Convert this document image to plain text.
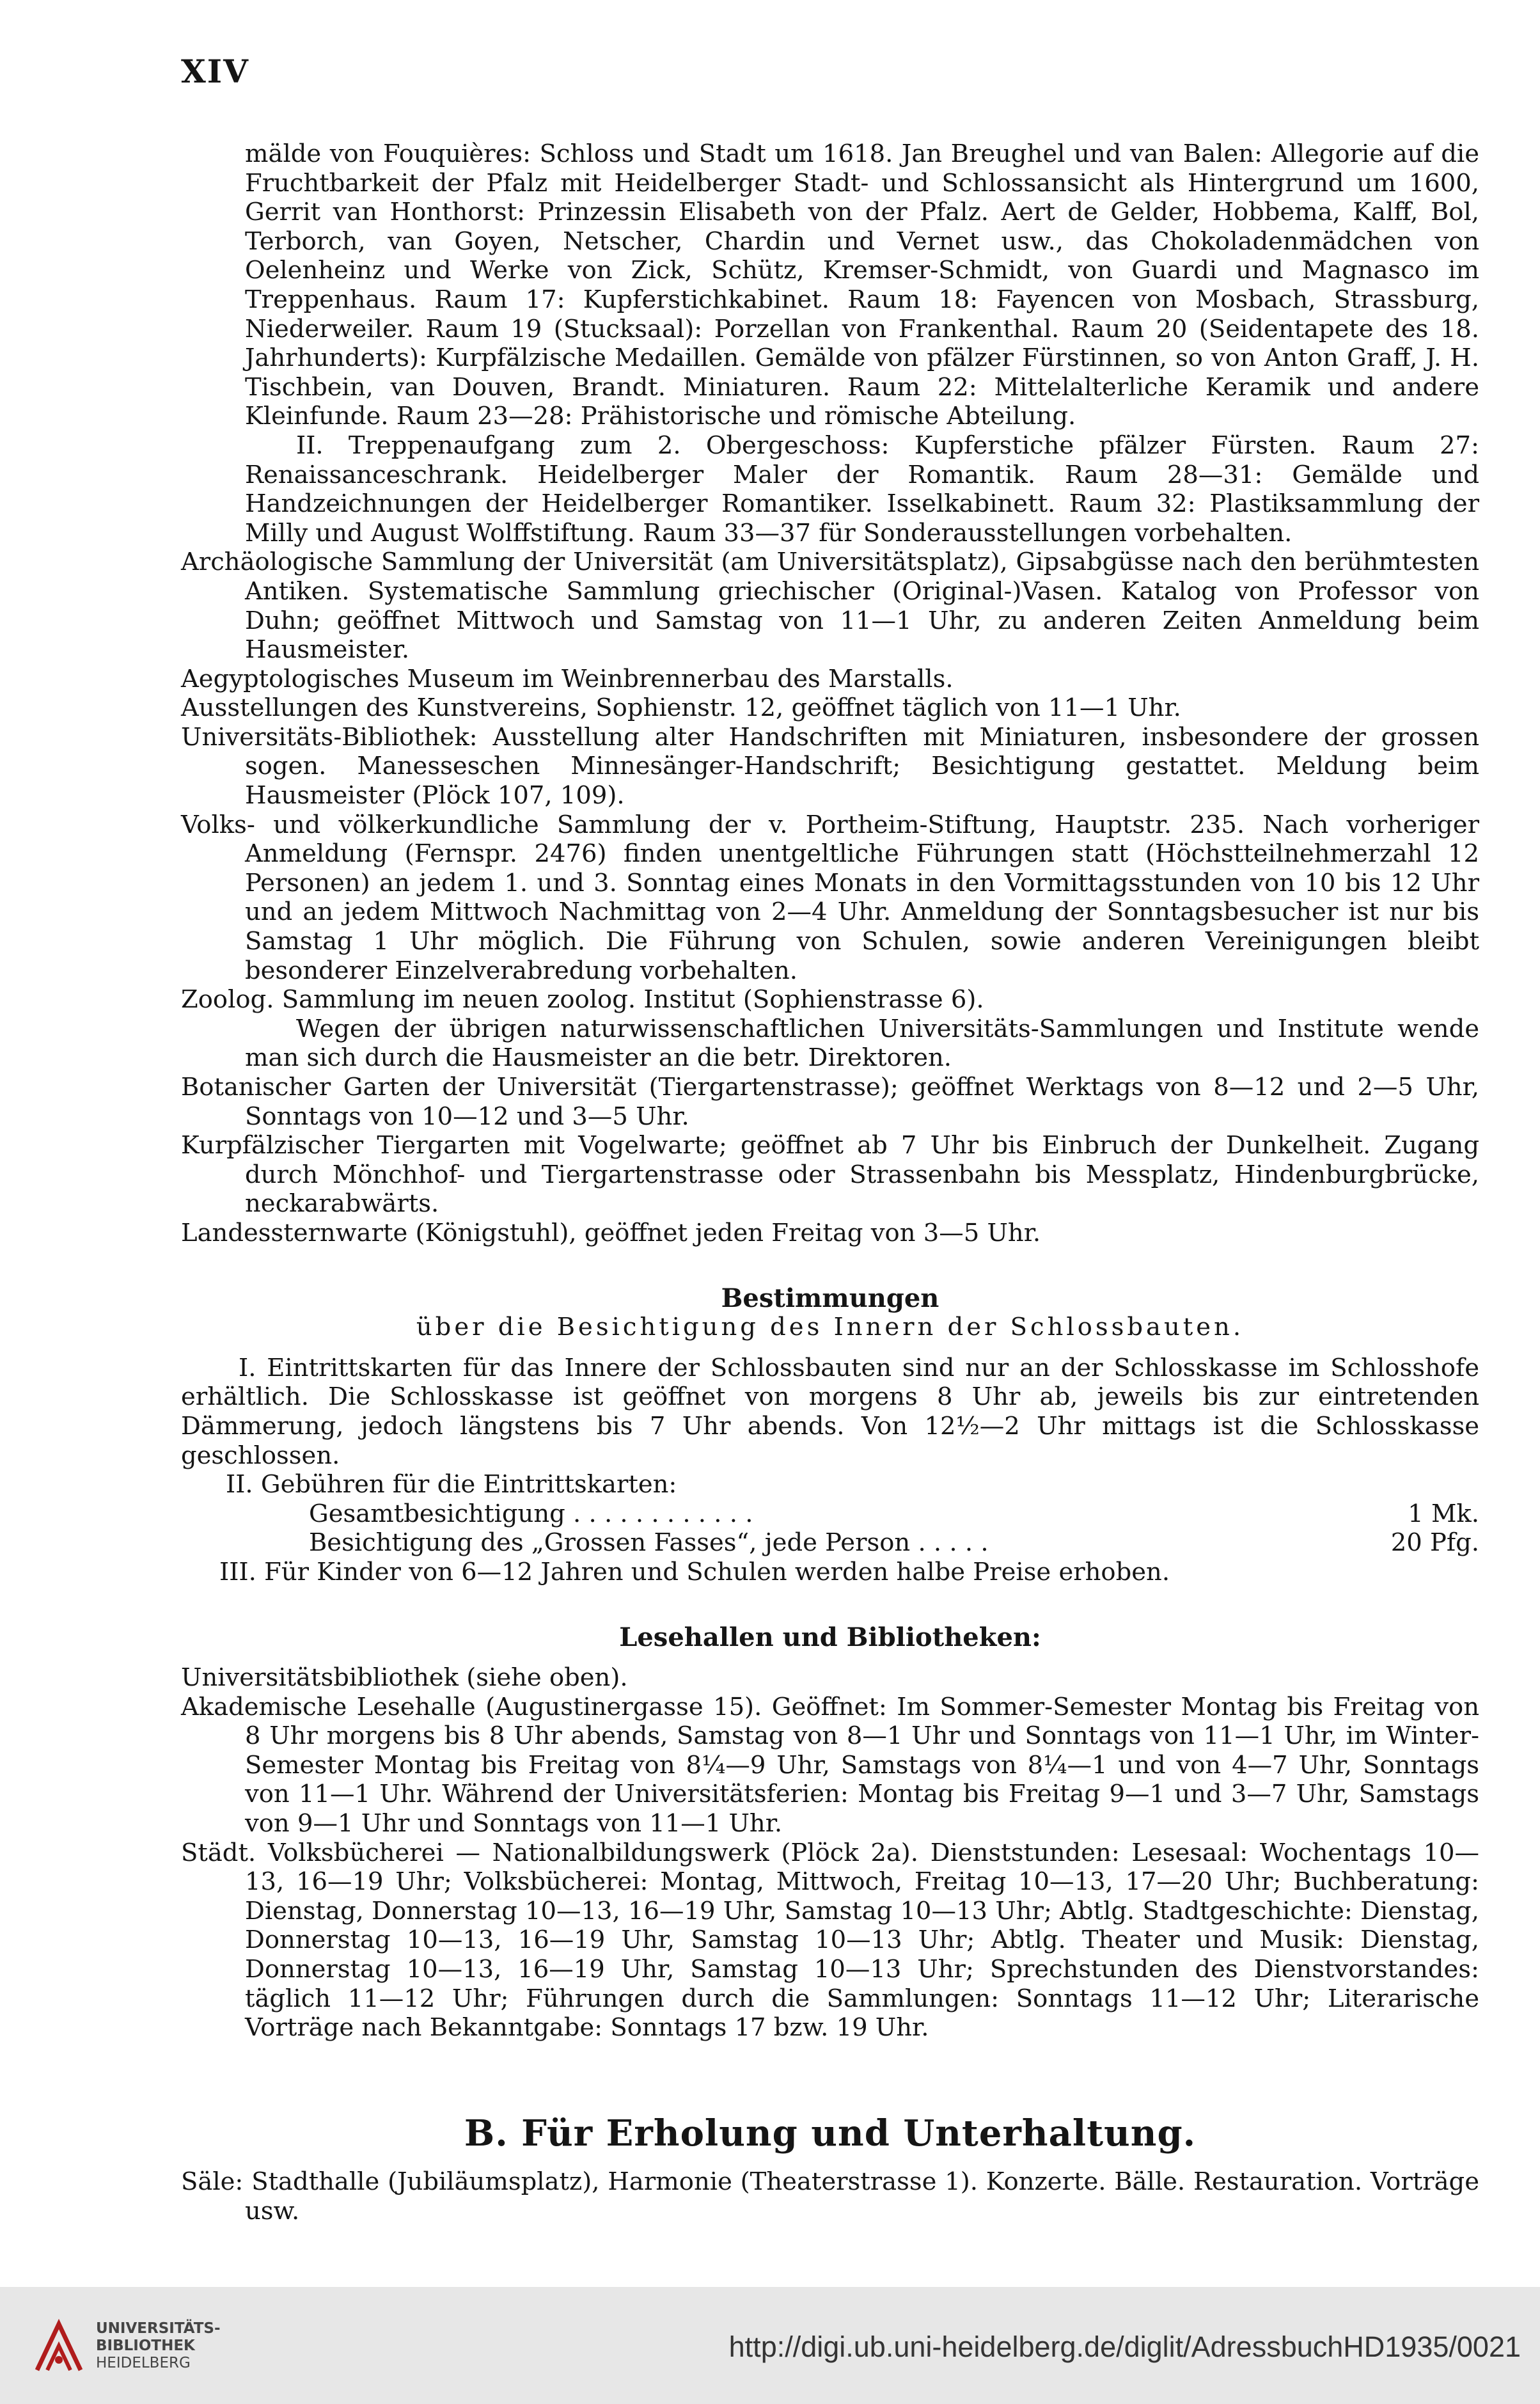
XIV

mälde von Fouquières: Schloss und Stadt um 1618. Jan Breughel und van Balen: Allegorie auf die Fruchtbarkeit der Pfalz mit Heidelberger Stadt- und Schlossansicht als Hintergrund um 1600, Gerrit van Honthorst: Prinzessin Elisabeth von der Pfalz. Aert de Gelder, Hobbema, Kalff, Bol, Terborch, van Goyen, Netscher, Chardin und Vernet usw., das Chokoladenmädchen von Oelenheinz und Werke von Zick, Schütz, Kremser-Schmidt, von Guardi und Magnasco im Treppenhaus. Raum 17: Kupferstichkabinet. Raum 18: Fayencen von Mosbach, Strassburg, Niederweiler. Raum 19 (Stucksaal): Porzellan von Frankenthal. Raum 20 (Seidentapete des 18. Jahrhunderts): Kurpfälzische Medaillen. Gemälde von pfälzer Fürstinnen, so von Anton Graff, J. H. Tischbein, van Douven, Brandt. Miniaturen. Raum 22: Mittelalterliche Keramik und andere Kleinfunde. Raum 23—28: Prähistorische und römische Abteilung.

II. Treppenaufgang zum 2. Obergeschoss: Kupferstiche pfälzer Fürsten. Raum 27: Renaissanceschrank. Heidelberger Maler der Romantik. Raum 28—31: Gemälde und Handzeichnungen der Heidelberger Romantiker. Isselkabinett. Raum 32: Plastiksammlung der Milly und August Wolffstiftung. Raum 33—37 für Sonderausstellungen vorbehalten.

Archäologische Sammlung der Universität (am Universitätsplatz), Gipsabgüsse nach den berühmtesten Antiken. Systematische Sammlung griechischer (Original-)Vasen. Katalog von Professor von Duhn; geöffnet Mittwoch und Samstag von 11—1 Uhr, zu anderen Zeiten Anmeldung beim Hausmeister.

Aegyptologisches Museum im Weinbrennerbau des Marstalls.

Ausstellungen des Kunstvereins, Sophienstr. 12, geöffnet täglich von 11—1 Uhr.

Universitäts-Bibliothek: Ausstellung alter Handschriften mit Miniaturen, insbesondere der grossen sogen. Manesseschen Minnesänger-Handschrift; Besichtigung gestattet. Meldung beim Hausmeister (Plöck 107, 109).

Volks- und völkerkundliche Sammlung der v. Portheim-Stiftung, Hauptstr. 235. Nach vorheriger Anmeldung (Fernspr. 2476) finden unentgeltliche Führungen statt (Höchstteilnehmerzahl 12 Personen) an jedem 1. und 3. Sonntag eines Monats in den Vormittagsstunden von 10 bis 12 Uhr und an jedem Mittwoch Nachmittag von 2—4 Uhr. Anmeldung der Sonntagsbesucher ist nur bis Samstag 1 Uhr möglich. Die Führung von Schulen, sowie anderen Vereinigungen bleibt besonderer Einzelverabredung vorbehalten.

Zoolog. Sammlung im neuen zoolog. Institut (Sophienstrasse 6).

Wegen der übrigen naturwissenschaftlichen Universitäts-Sammlungen und Institute wende man sich durch die Hausmeister an die betr. Direktoren.

Botanischer Garten der Universität (Tiergartenstrasse); geöffnet Werktags von 8—12 und 2—5 Uhr, Sonntags von 10—12 und 3—5 Uhr.

Kurpfälzischer Tiergarten mit Vogelwarte; geöffnet ab 7 Uhr bis Einbruch der Dunkelheit. Zugang durch Mönchhof- und Tiergartenstrasse oder Strassenbahn bis Messplatz, Hindenburgbrücke, neckarabwärts.

Landessternwarte (Königstuhl), geöffnet jeden Freitag von 3—5 Uhr.

Bestimmungen
über die Besichtigung des Innern der Schlossbauten.

I. Eintrittskarten für das Innere der Schlossbauten sind nur an der Schlosskasse im Schlosshofe erhältlich. Die Schlosskasse ist geöffnet von morgens 8 Uhr ab, jeweils bis zur eintretenden Dämmerung, jedoch längstens bis 7 Uhr abends. Von 12½—2 Uhr mittags ist die Schlosskasse geschlossen.

II. Gebühren für die Eintrittskarten:

Gesamtbesichtigung . . . . . . . . . . . .	1 Mk.
Besichtigung des „Grossen Fasses“, jede Person . . . . .	20 Pfg.

III. Für Kinder von 6—12 Jahren und Schulen werden halbe Preise erhoben.

Lesehallen und Bibliotheken:

Universitätsbibliothek (siehe oben).

Akademische Lesehalle (Augustinergasse 15). Geöffnet: Im Sommer-Semester Montag bis Freitag von 8 Uhr morgens bis 8 Uhr abends, Samstag von 8—1 Uhr und Sonntags von 11—1 Uhr, im Winter-Semester Montag bis Freitag von 8¼—9 Uhr, Samstags von 8¼—1 und von 4—7 Uhr, Sonntags von 11—1 Uhr. Während der Universitätsferien: Montag bis Freitag 9—1 und 3—7 Uhr, Samstags von 9—1 Uhr und Sonntags von 11—1 Uhr.

Städt. Volksbücherei — Nationalbildungswerk (Plöck 2a). Dienststunden: Lesesaal: Wochentags 10—13, 16—19 Uhr; Volksbücherei: Montag, Mittwoch, Freitag 10—13, 17—20 Uhr; Buchberatung: Dienstag, Donnerstag 10—13, 16—19 Uhr, Samstag 10—13 Uhr; Abtlg. Stadtgeschichte: Dienstag, Donnerstag 10—13, 16—19 Uhr, Samstag 10—13 Uhr; Abtlg. Theater und Musik: Dienstag, Donnerstag 10—13, 16—19 Uhr, Samstag 10—13 Uhr; Sprechstunden des Dienstvorstandes: täglich 11—12 Uhr; Führungen durch die Sammlungen: Sonntags 11—12 Uhr; Literarische Vorträge nach Bekanntgabe: Sonntags 17 bzw. 19 Uhr.

B. Für Erholung und Unterhaltung.

Säle: Stadthalle (Jubiläumsplatz), Harmonie (Theaterstrasse 1). Konzerte. Bälle. Restauration. Vorträge usw.

UNIVERSITÄTS-
BIBLIOTHEK
HEIDELBERG	http://digi.ub.uni-heidelberg.de/diglit/AdressbuchHD1935/0021
